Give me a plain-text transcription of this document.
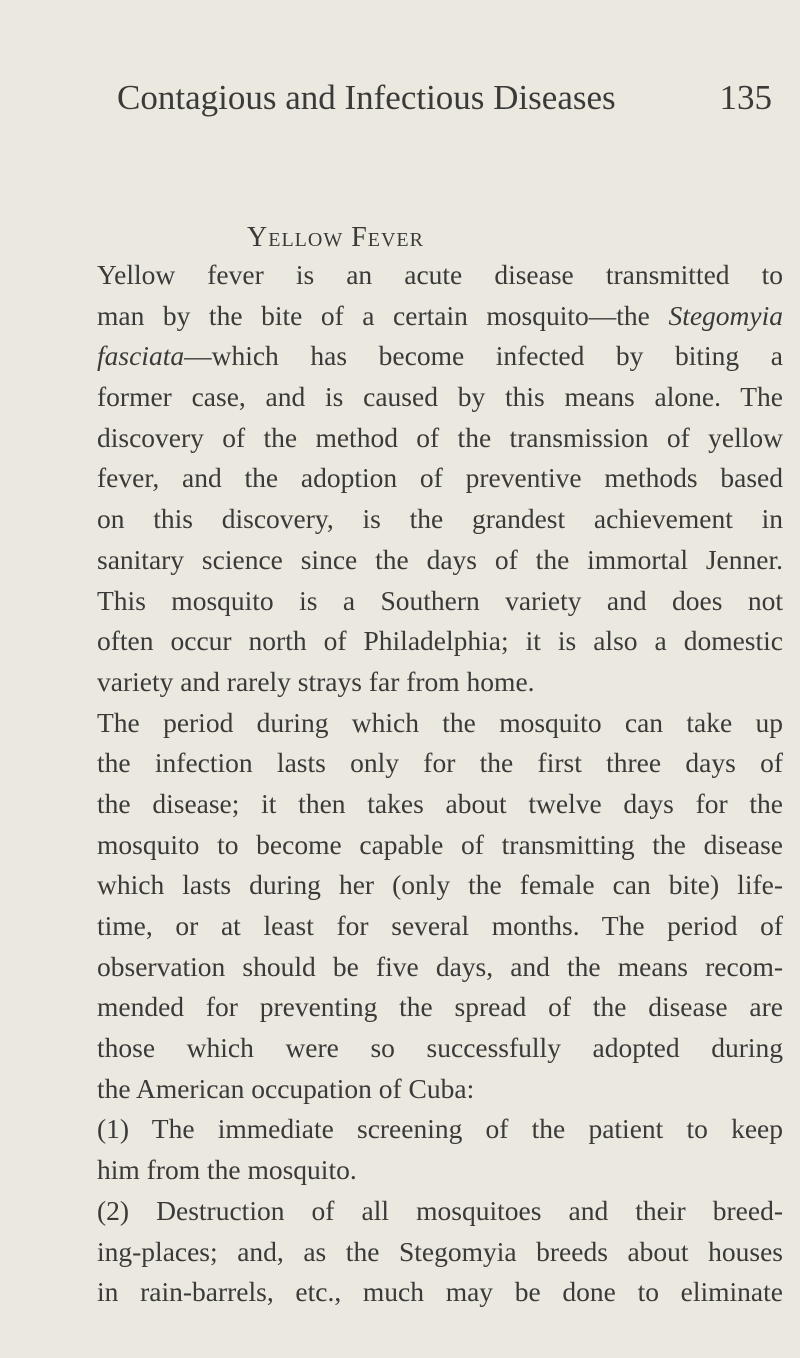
Contagious and Infectious Diseases	135
Yellow Fever
Yellow fever is an acute disease transmitted to
man by the bite of a certain mosquito—the Stegomyia
fasciata—which has become infected by biting a
former case, and is caused by this means alone. The
discovery of the method of the transmission of yellow
fever, and the adoption of preventive methods based
on this discovery, is the grandest achievement in
sanitary science since the days of the immortal Jenner.
This mosquito is a Southern variety and does not
often occur north of Philadelphia; it is also a domestic
variety and rarely strays far from home.
The period during which the mosquito can take up
the infection lasts only for the first three days of
the disease; it then takes about twelve days for the
mosquito to become capable of transmitting the disease
which lasts during her (only the female can bite) life-
time, or at least for several months. The period of
observation should be five days, and the means recom-
mended for preventing the spread of the disease are
those which were so successfully adopted during
the American occupation of Cuba:
(1) The immediate screening of the patient to keep
him from the mosquito.
(2) Destruction of all mosquitoes and their breed-
ing-places; and, as the Stegomyia breeds about houses
in rain-barrels, etc., much may be done to eliminate
